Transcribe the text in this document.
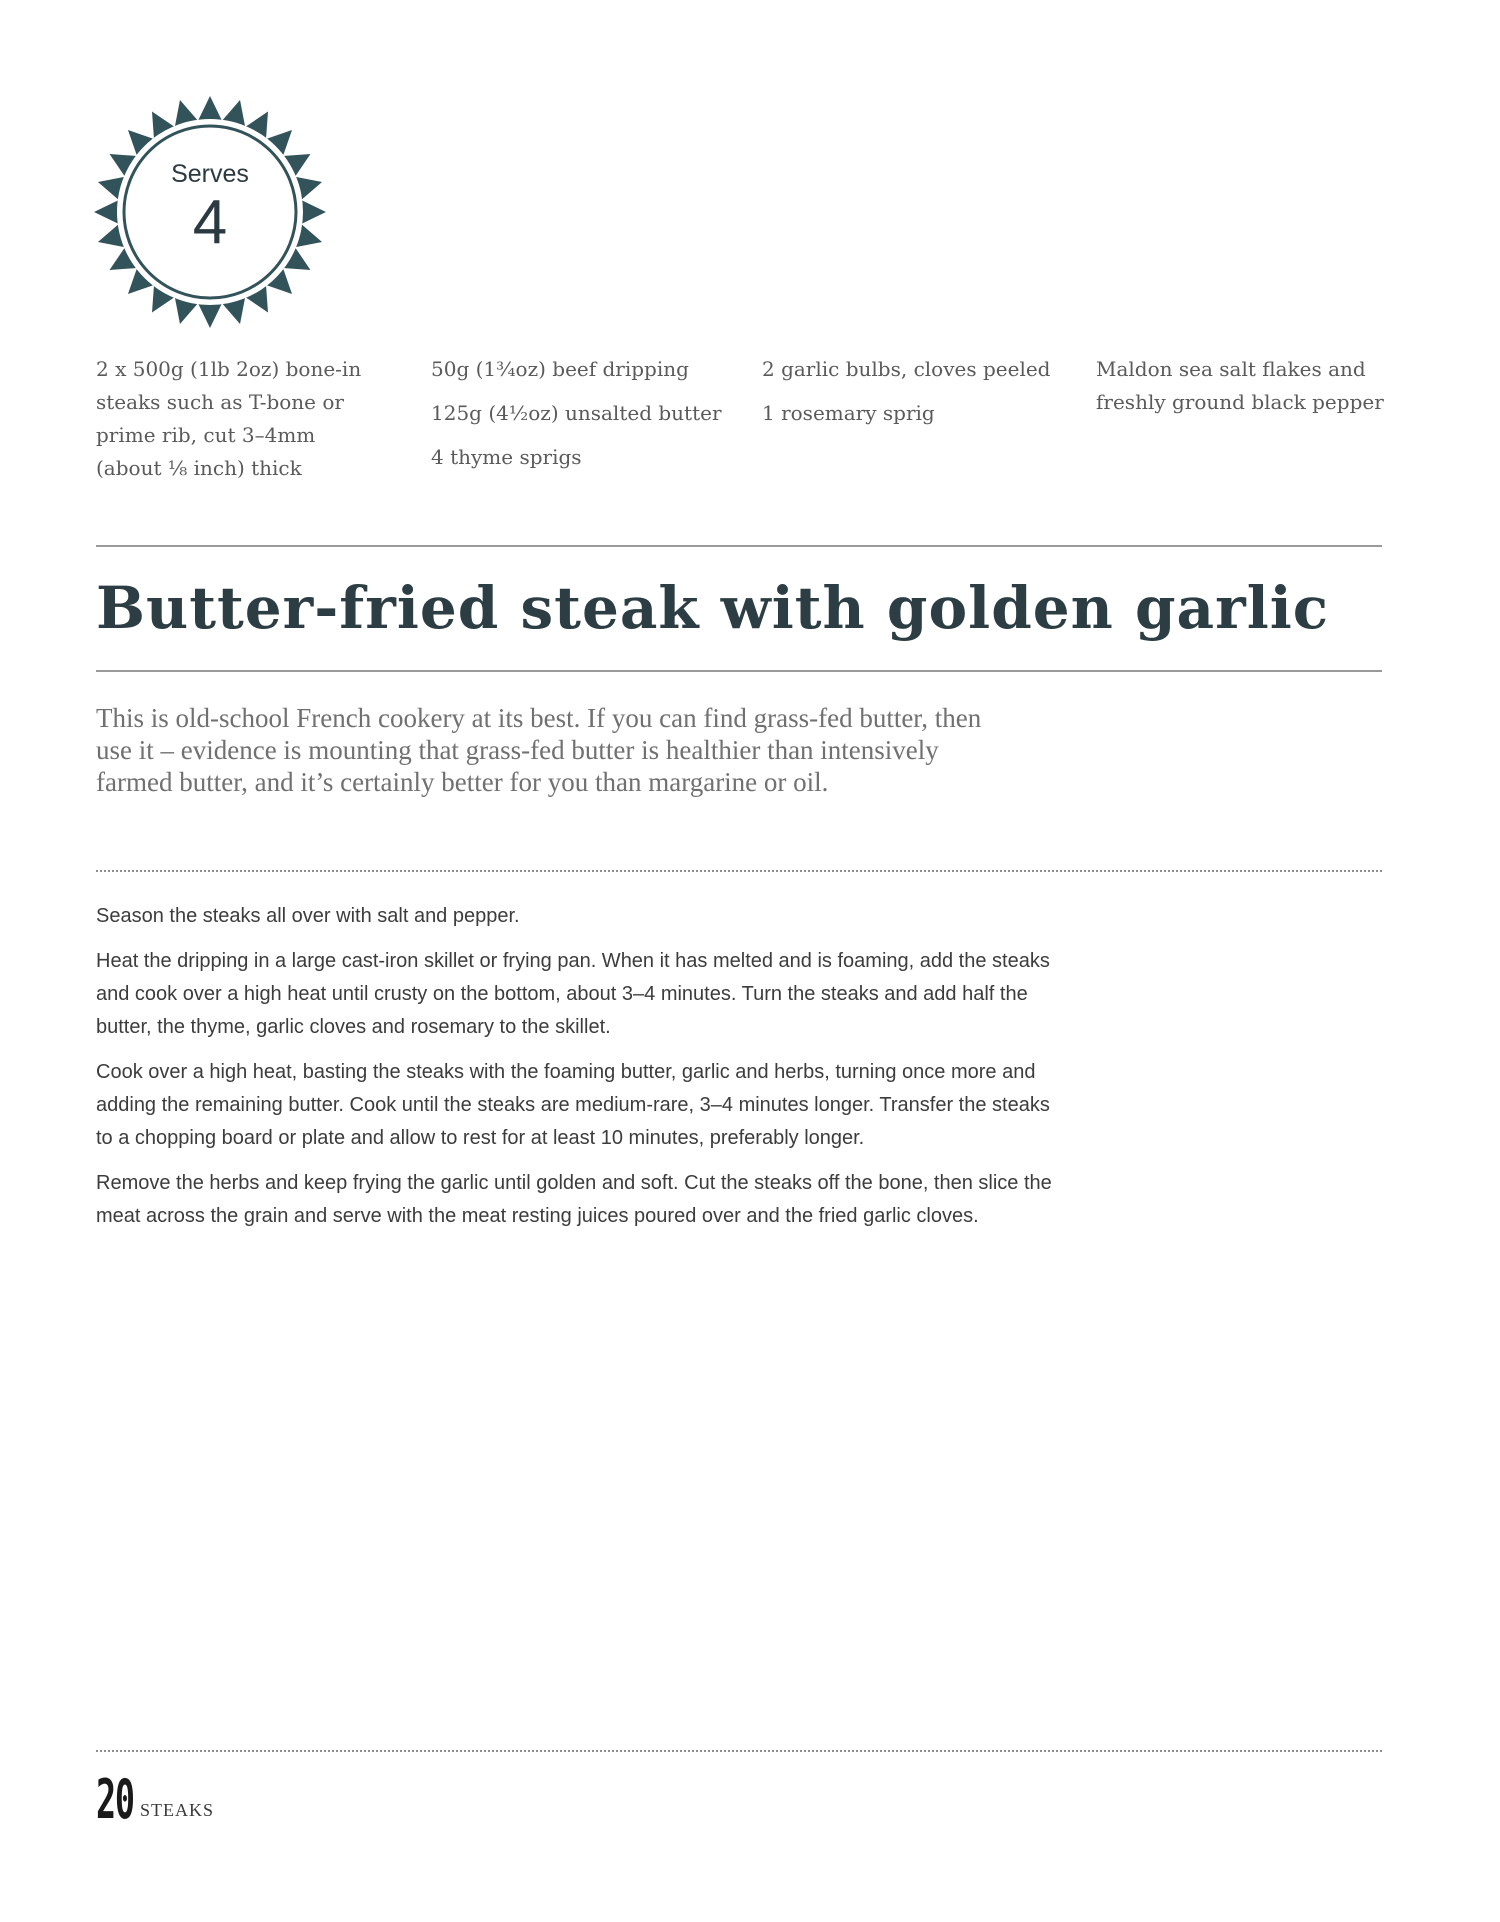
Serves
4
2 x 500g (1lb 2oz) bone-in steaks such as T-bone or prime rib, cut 3–4mm (about ⅛ inch) thick
50g (1¾oz) beef dripping
125g (4½oz) unsalted butter
4 thyme sprigs
2 garlic bulbs, cloves peeled
1 rosemary sprig
Maldon sea salt flakes and freshly ground black pepper
Butter-fried steak with golden garlic
This is old-school French cookery at its best. If you can find grass-fed butter, then use it – evidence is mounting that grass-fed butter is healthier than intensively farmed butter, and it’s certainly better for you than margarine or oil.

Season the steaks all over with salt and pepper.

Heat the dripping in a large cast-iron skillet or frying pan. When it has melted and is foaming, add the steaks and cook over a high heat until crusty on the bottom, about 3–4 minutes. Turn the steaks and add half the butter, the thyme, garlic cloves and rosemary to the skillet.

Cook over a high heat, basting the steaks with the foaming butter, garlic and herbs, turning once more and adding the remaining butter. Cook until the steaks are medium-rare, 3–4 minutes longer. Transfer the steaks to a chopping board or plate and allow to rest for at least 10 minutes, preferably longer.

Remove the herbs and keep frying the garlic until golden and soft. Cut the steaks off the bone, then slice the meat across the grain and serve with the meat resting juices poured over and the fried garlic cloves.

20 STEAKS
